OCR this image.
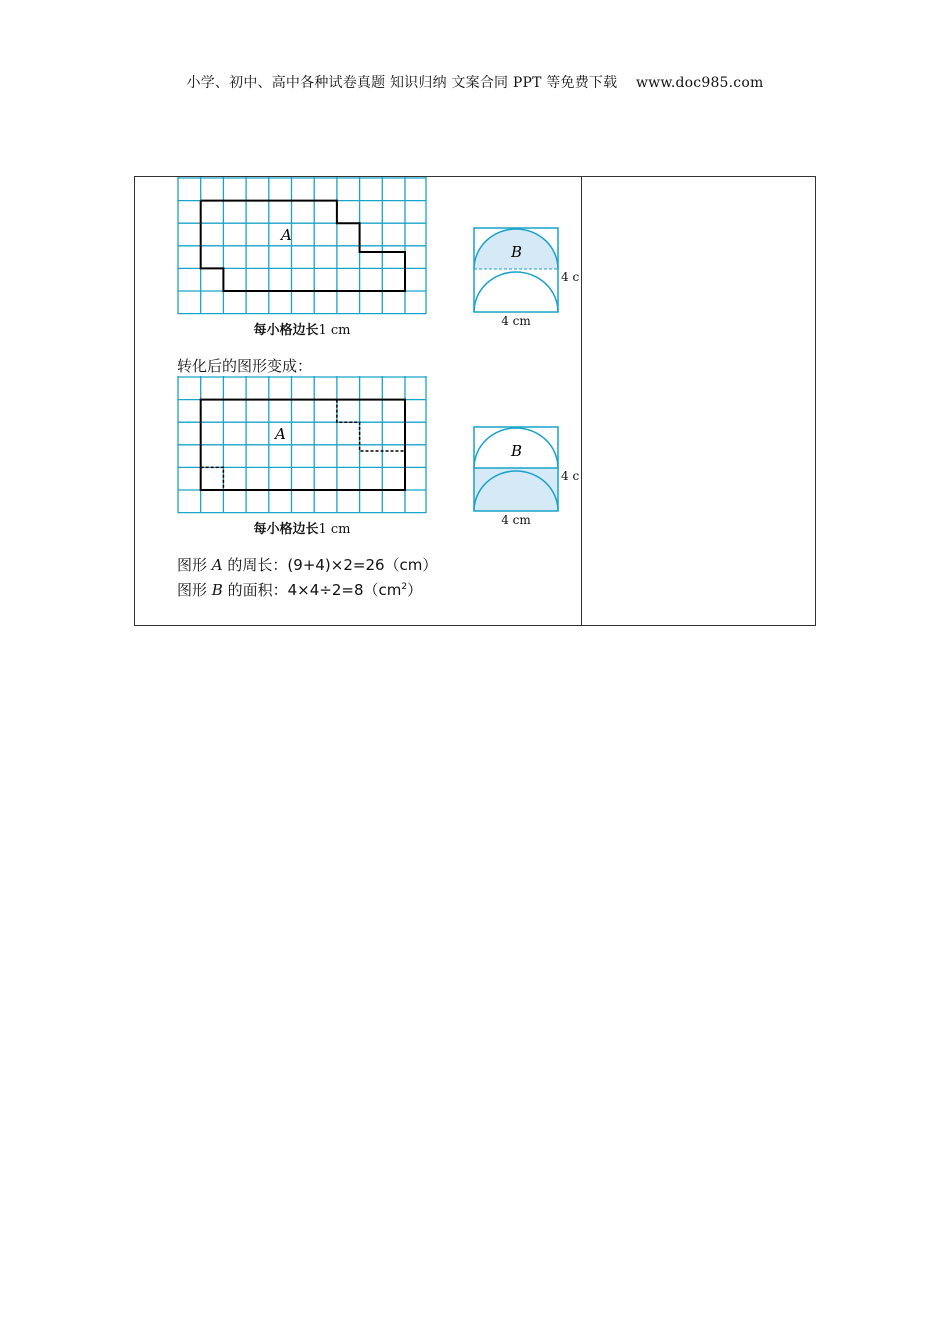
小学、初中、高中各种试卷真题 知识归纳 文案合同 PPT 等免费下载 www.doc985.com
A
每小格边长1 cm
B
4 c
4 cm
转化后的图形变成：
A
每小格边长1 cm
B
4 c
4 cm
图形 A 的周长：(9+4)×2=26（cm）
图形 B 的面积：$4\times 4\div 2=8(cm^2)$
